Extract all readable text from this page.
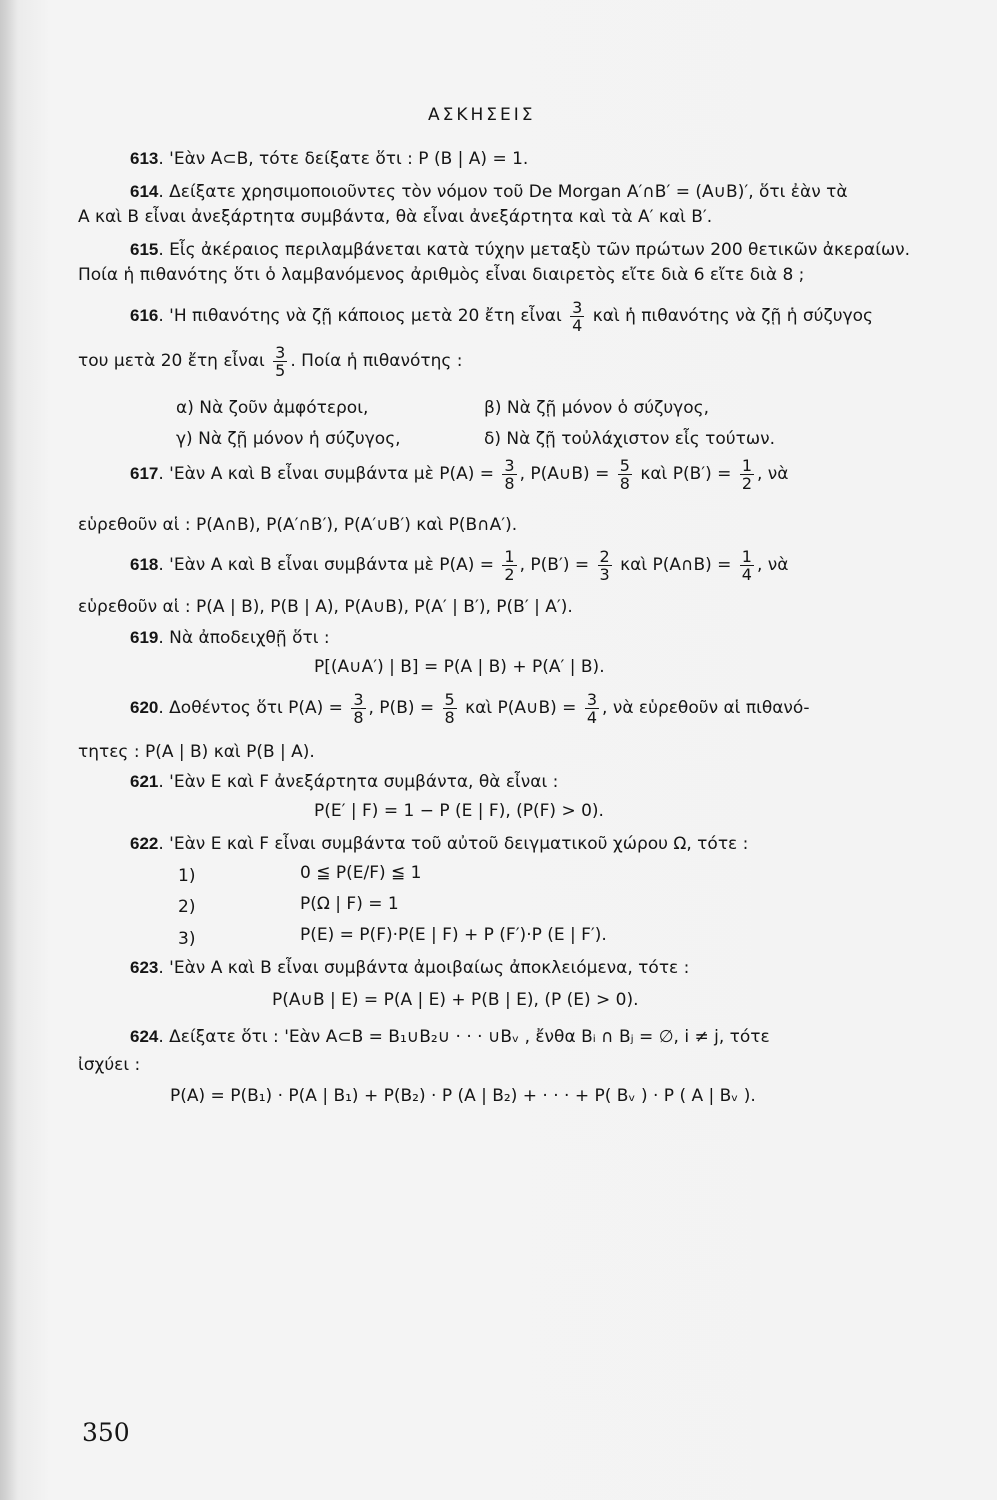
ΑΣΚΗΣΕΙΣ
613. 'Εὰν A⊂B, τότε δείξατε ὅτι : P (B | A) = 1.
614. Δείξατε χρησιμοποιοῦντες τὸν νόμον τοῦ De Morgan A′∩B′ = (A∪B)′, ὅτι ἐὰν τὰ
A καὶ B εἶναι ἀνεξάρτητα συμβάντα, θὰ εἶναι ἀνεξάρτητα καὶ τὰ A′ καὶ B′.
615. Εἷς ἀκέραιος περιλαμβάνεται κατὰ τύχην μεταξὺ τῶν πρώτων 200 θετικῶν ἀκεραίων.
Ποία ἡ πιθανότης ὅτι ὁ λαμβανόμενος ἀριθμὸς εἶναι διαιρετὸς εἴτε διὰ 6 εἴτε διὰ 8 ;
616. 'Η πιθανότης νὰ ζῇ κάποιος μετὰ 20 ἔτη εἶναι $\frac{3}{4}$ καὶ ἡ πιθανότης νὰ ζῇ ἡ σύζυγος
του μετὰ 20 ἔτη εἶναι $\frac{3}{5}$ . Ποία ἡ πιθανότης :
α) Νὰ ζοῦν ἀμφότεροι,	β) Νὰ ζῇ μόνον ὁ σύζυγος,
γ) Νὰ ζῇ μόνον ἡ σύζυγος,	δ) Νὰ ζῇ τοὐλάχιστον εἷς τούτων.
617. 'Εὰν A καὶ B εἶναι συμβάντα μὲ $P(A) = \frac{3}{8}$ , P(A∪B) = $\frac{5}{8}$ καὶ $P(B') = \frac{1}{2}$ , νὰ
εὑρεθοῦν αἱ : P(A∩B), P(A′∩B′), P(A′∪B′) καὶ P(B∩A′).
618. 'Εὰν A καὶ B εἶναι συμβάντα μὲ $P(A) = \frac{1}{2}$ , $P(B') = \frac{2}{3}$ καὶ P(A∩B) = $\frac{1}{4}$ , νὰ
εὑρεθοῦν αἱ : P(A | B), P(B | A), P(A∪B), P(A′ | B′), P(B′ | A′).
619. Νὰ ἀποδειχθῇ ὅτι :
P[(A∪A′) | B] = P(A | B) + P(A′ | B).
620. Δοθέντος ὅτι $P(A) = \frac{3}{8}$ , $P(B) = \frac{5}{8}$ καὶ P(A∪B) = $\frac{3}{4}$ , νὰ εὑρεθοῦν αἱ πιθανό-
τητες : P(A | B) καὶ P(B | A).
621. 'Εὰν E καὶ F ἀνεξάρτητα συμβάντα, θὰ εἶναι :
P(E′ | F) = 1 − P (E | F), (P(F) > 0).
622. 'Εὰν E καὶ F εἶναι συμβάντα τοῦ αὐτοῦ δειγματικοῦ χώρου Ω, τότε :
1)	0 ≦ P(E/F) ≦ 1
2)	P(Ω | F) = 1
3)	P(E) = P(F)·P(E | F) + P (F′)·P (E | F′).
623. 'Εὰν A καὶ B εἶναι συμβάντα ἀμοιβαίως ἀποκλειόμενα, τότε :
P(A∪B | E) = P(A | E) + P(B | E), (P (E) > 0).
624. Δείξατε ὅτι : 'Εὰν A⊂B = B₁∪B₂∪ · · · ∪Bᵥ , ἔνθα Bᵢ ∩ Bⱼ = ∅, i ≠ j, τότε
ἰσχύει :
P(A) = P(B₁) · P(A | B₁) + P(B₂) · P (A | B₂) + · · · + P( Bᵥ ) · P ( A | Bᵥ ).
350
